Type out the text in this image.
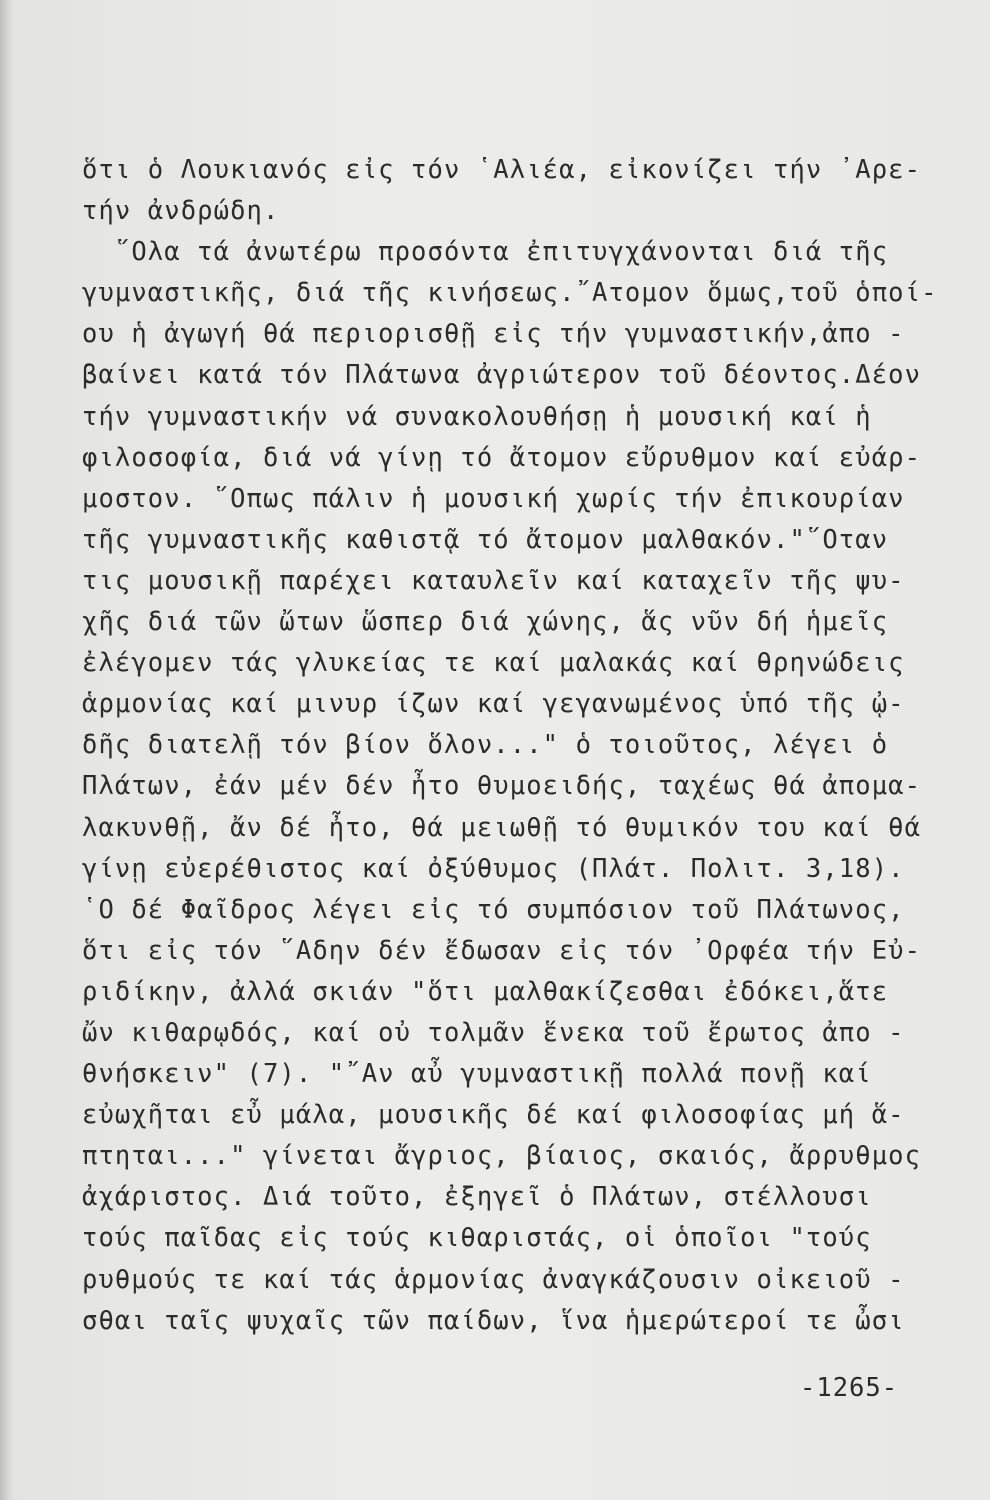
ὅτι ὁ Λουκιανός εἰς τόν ῾Αλιέα, εἰκονίζει τήν ᾽Αρε-
τήν ἀνδρώδη.
῞Ολα τά ἀνωτέρω προσόντα ἐπιτυγχάνονται διά τῆς
γυμναστικῆς, διά τῆς κινήσεως.῎Ατομον ὅμως,τοῦ ὁποί-
ου ἡ ἀγωγή θά περιορισθῇ εἰς τήν γυμναστικήν,ἀπο -
βαίνει κατά τόν Πλάτωνα ἀγριώτερον τοῦ δέοντος.Δέον
τήν γυμναστικήν νά συνακολουθήσῃ ἡ μουσική καί ἡ
φιλοσοφία, διά νά γίνῃ τό ἄτομον εὔρυθμον καί εὐάρ-
μοστον. ῞Οπως πάλιν ἡ μουσική χωρίς τήν ἐπικουρίαν
τῆς γυμναστικῆς καθιστᾷ τό ἄτομον μαλθακόν."῞Οταν
τις μουσικῇ παρέχει καταυλεῖν καί καταχεῖν τῆς ψυ-
χῆς διά τῶν ὤτων ὥσπερ διά χώνης, ἅς νῦν δή ἡμεῖς
ἐλέγομεν τάς γλυκείας τε καί μαλακάς καί θρηνώδεις
ἁρμονίας καί μινυρ ίζων καί γεγανωμένος ὑπό τῆς ᾠ-
δῆς διατελῇ τόν βίον ὅλον..." ὁ τοιοῦτος, λέγει ὁ
Πλάτων, ἐάν μέν δέν ἦτο θυμοειδής, ταχέως θά ἀπομα-
λακυνθῇ, ἄν δέ ἦτο, θά μειωθῇ τό θυμικόν του καί θά
γίνῃ εὐερέθιστος καί ὀξύθυμος (Πλάτ. Πολιτ. 3,18).
῾Ο δέ Φαῖδρος λέγει εἰς τό συμπόσιον τοῦ Πλάτωνος,
ὅτι εἰς τόν ῞Αδην δέν ἔδωσαν εἰς τόν ᾽Ορφέα τήν Εὐ-
ριδίκην, ἀλλά σκιάν "ὅτι μαλθακίζεσθαι ἐδόκει,ἅτε
ὤν κιθαρῳδός, καί οὐ τολμᾶν ἕνεκα τοῦ ἔρωτος ἀπο -
θνήσκειν" (7). "῎Αν αὖ γυμναστικῇ πολλά πονῇ καί
εὐωχῆται εὖ μάλα, μουσικῆς δέ καί φιλοσοφίας μή ἅ-
πτηται..." γίνεται ἄγριος, βίαιος, σκαιός, ἄρρυθμος
ἀχάριστος. Διά τοῦτο, ἐξηγεῖ ὁ Πλάτων, στέλλουσι
τούς παῖδας εἰς τούς κιθαριστάς, οἱ ὁποῖοι "τούς
ρυθμούς τε καί τάς ἁρμονίας ἀναγκάζουσιν οἰκειοῦ -
σθαι ταῖς ψυχαῖς τῶν παίδων, ἵνα ἡμερώτεροί τε ὦσι
-1265-
